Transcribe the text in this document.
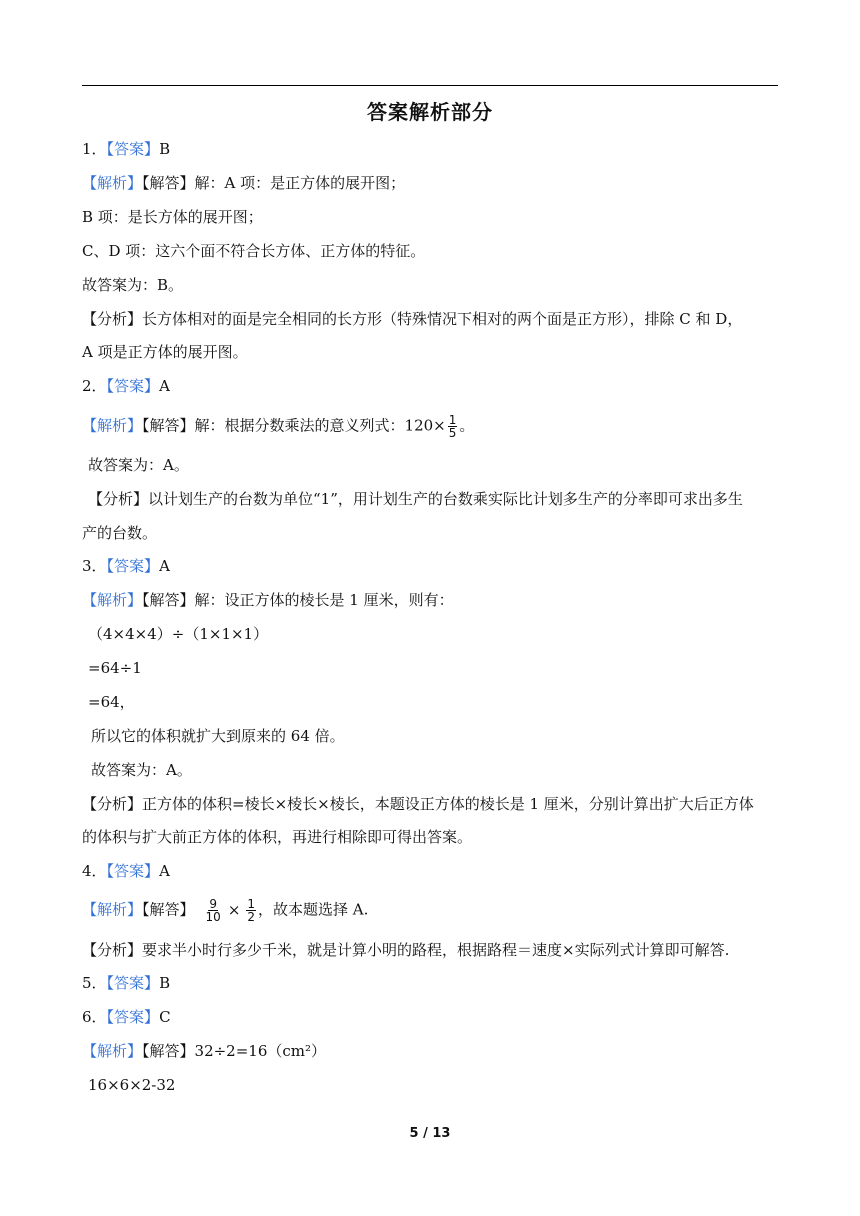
答案解析部分
1．【答案】B
【解析】【解答】解：A 项：是正方体的展开图；
B 项：是长方体的展开图；
C、D 项：这六个面不符合长方体、正方体的特征。
故答案为：B。
【分析】长方体相对的面是完全相同的长方形（特殊情况下相对的两个面是正方形），排除 C 和 D，
A 项是正方体的展开图。
2．【答案】A
【解析】【解答】解：根据分数乘法的意义列式：$120\times \frac{1}{5}$ 。
故答案为：A。
【分析】以计划生产的台数为单位“1”，用计划生产的台数乘实际比计划多生产的分率即可求出多生
产的台数。
3．【答案】A
【解析】【解答】解：设正方体的棱长是 1 厘米，则有：
（4×4×4）÷（1×1×1）
=64÷1
=64，
所以它的体积就扩大到原来的 64 倍。
故答案为：A。
【分析】正方体的体积=棱长×棱长×棱长，本题设正方体的棱长是 1 厘米，分别计算出扩大后正方体
的体积与扩大前正方体的体积，再进行相除即可得出答案。
4．【答案】A
【解析】【解答】 $\frac{9}{10} \times \frac{1}{2}$ ，故本题选择 A.
【分析】要求半小时行多少千米，就是计算小明的路程，根据路程＝速度×实际列式计算即可解答.
5．【答案】B
6．【答案】C
【解析】【解答】32÷2=16（cm²）
16×6×2-32
5 / 13
